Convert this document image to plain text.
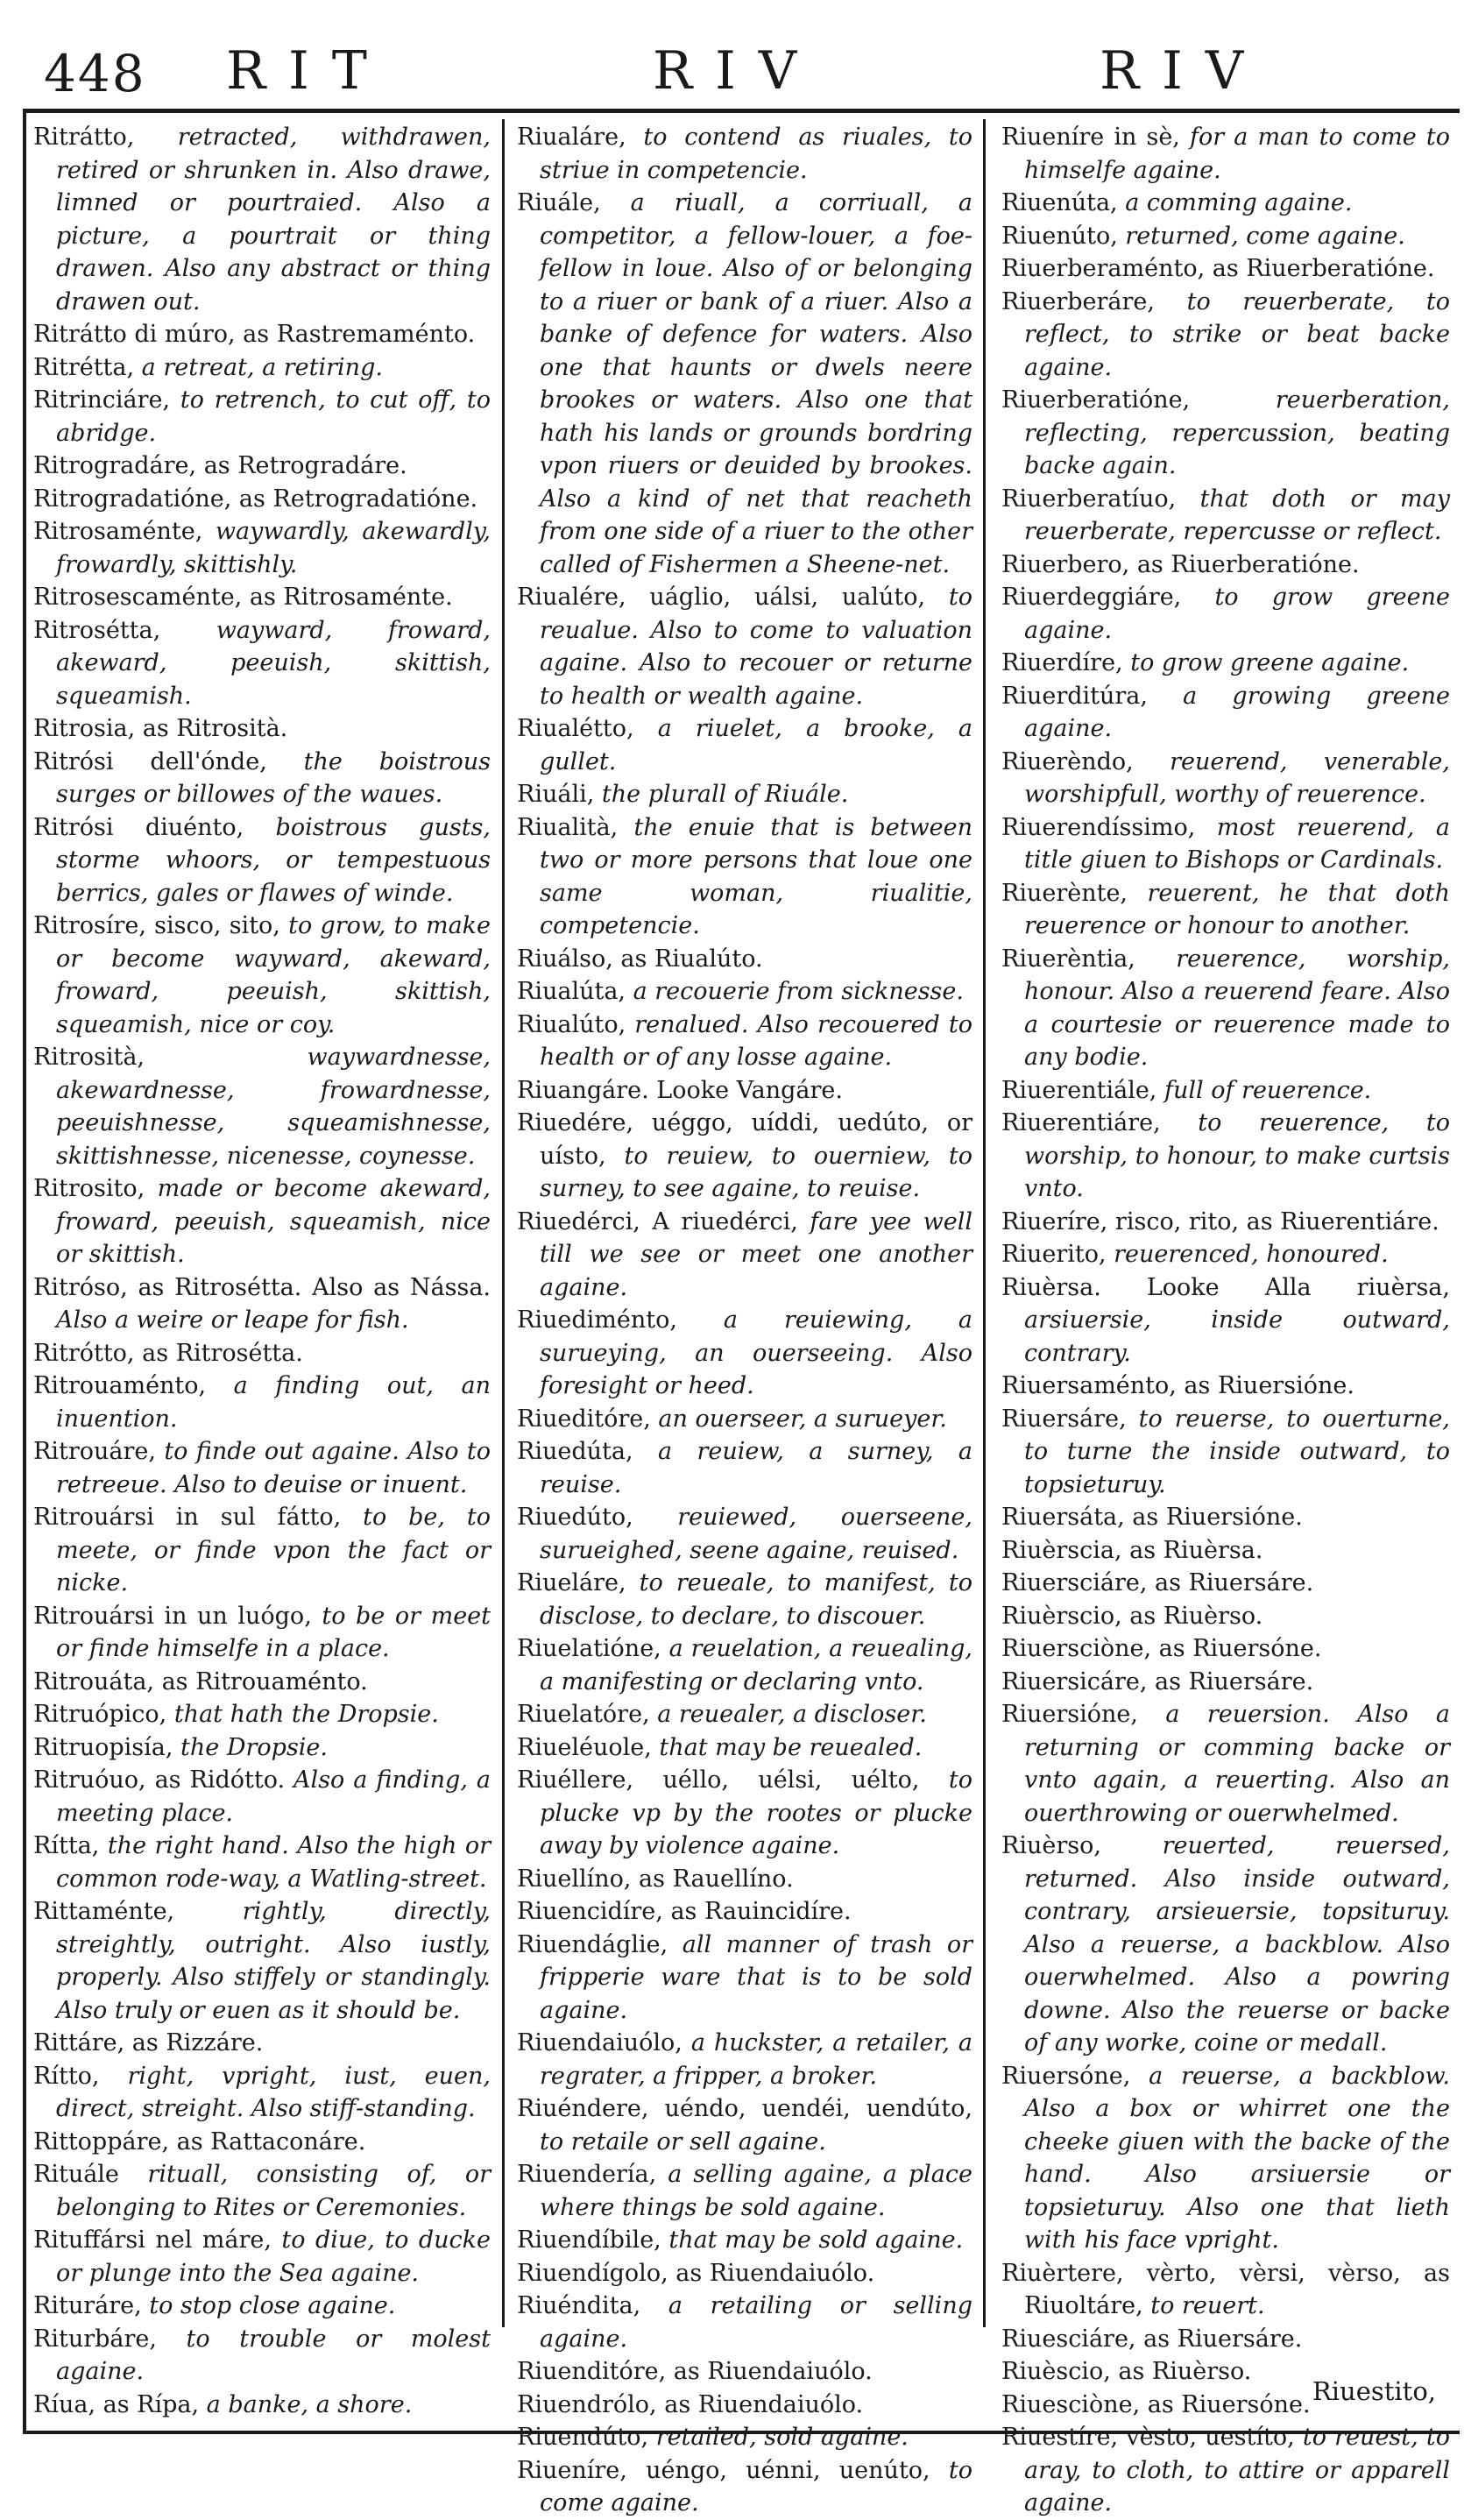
448 RIT	RIV	RIV

Ritrátto, retracted, withdrawen, retired or shrunken in. Also drawe, limned or pourtraied. Also a picture, a pourtrait or thing drawen. Also any abstract or thing drawen out.

Ritrátto di múro, as Rastremaménto.

Ritrétta, a retreat, a retiring.

Ritrinciáre, to retrench, to cut off, to abridge.

Ritrogradáre, as Retrogradáre.

Ritrogradatióne, as Retrogradatióne.

Ritrosaménte, waywardly, akewardly, frowardly, skittishly.

Ritrosescaménte, as Ritrosaménte.

Ritrosétta, wayward, froward, akeward, peeuish, skittish, squeamish.

Ritrosia, as Ritrosità.

Ritrósi dell'ónde, the boistrous surges or billowes of the waues.

Ritrósi diuénto, boistrous gusts, storme whoors, or tempestuous berrics, gales or flawes of winde.

Ritrosíre, sisco, sito, to grow, to make or become wayward, akeward, froward, peeuish, skittish, squeamish, nice or coy.

Ritrosità, waywardnesse, akewardnesse, frowardnesse, peeuishnesse, squeamishnesse, skittishnesse, nicenesse, coynesse.

Ritrosito, made or become akeward, froward, peeuish, squeamish, nice or skittish.

Ritróso, as Ritrosétta. Also as Nássa. Also a weire or leape for fish.

Ritrótto, as Ritrosétta.

Ritrouaménto, a finding out, an inuention.

Ritrouáre, to finde out againe. Also to retreeue. Also to deuise or inuent.

Ritrouársi in sul fátto, to be, to meete, or finde vpon the fact or nicke.

Ritrouársi in un luógo, to be or meet or finde himselfe in a place.

Ritrouáta, as Ritrouaménto.

Ritruópico, that hath the Dropsie.

Ritruopisía, the Dropsie.

Ritruóuo, as Ridótto. Also a finding, a meeting place.

Rítta, the right hand. Also the high or common rode-way, a Watling-street.

Rittaménte, rightly, directly, streightly, outright. Also iustly, properly. Also stiffely or standingly. Also truly or euen as it should be.

Rittáre, as Rizzáre.

Rítto, right, vpright, iust, euen, direct, streight. Also stiff-standing.

Rittoppáre, as Rattaconáre.

Rituále rituall, consisting of, or belonging to Rites or Ceremonies.

Rituffársi nel máre, to diue, to ducke or plunge into the Sea againe.

Rituráre, to stop close againe.

Riturbáre, to trouble or molest againe.

Ríua, as Rípa, a banke, a shore.

Riualáre, to contend as riuales, to striue in competencie.

Riuále, a riuall, a corriuall, a competitor, a fellow-louer, a foe-fellow in loue. Also of or belonging to a riuer or bank of a riuer. Also a banke of defence for waters. Also one that haunts or dwels neere brookes or waters. Also one that hath his lands or grounds bordring vpon riuers or deuided by brookes. Also a kind of net that reacheth from one side of a riuer to the other called of Fishermen a Sheene-net.

Riualére, uáglio, uálsi, ualúto, to reualue. Also to come to valuation againe. Also to recouer or returne to health or wealth againe.

Riualétto, a riuelet, a brooke, a gullet.

Riuáli, the plurall of Riuále.

Riualità, the enuie that is between two or more persons that loue one same woman, riualitie, competencie.

Riuálso, as Riualúto.

Riualúta, a recouerie from sicknesse.

Riualúto, renalued. Also recouered to health or of any losse againe.

Riuangáre. Looke Vangáre.

Riuedére, uéggo, uíddi, uedúto, or uísto, to reuiew, to ouerniew, to surney, to see againe, to reuise.

Riuedérci, A riuedérci, fare yee well till we see or meet one another againe.

Riuediménto, a reuiewing, a surueying, an ouerseeing. Also foresight or heed.

Riueditóre, an ouerseer, a surueyer.

Riuedúta, a reuiew, a surney, a reuise.

Riuedúto, reuiewed, ouerseene, surueighed, seene againe, reuised.

Riueláre, to reueale, to manifest, to disclose, to declare, to discouer.

Riuelatióne, a reuelation, a reuealing, a manifesting or declaring vnto.

Riuelatóre, a reuealer, a discloser.

Riueléuole, that may be reuealed.

Riuéllere, uéllo, uélsi, uélto, to plucke vp by the rootes or plucke away by violence againe.

Riuellíno, as Rauellíno.

Riuencidíre, as Rauincidíre.

Riuendáglie, all manner of trash or fripperie ware that is to be sold againe.

Riuendaiuólo, a huckster, a retailer, a regrater, a fripper, a broker.

Riuéndere, uéndo, uendéi, uendúto, to retaile or sell againe.

Riuendería, a selling againe, a place where things be sold againe.

Riuendíbile, that may be sold againe.

Riuendígolo, as Riuendaiuólo.

Riuéndita, a retailing or selling againe.

Riuenditóre, as Riuendaiuólo.

Riuendrólo, as Riuendaiuólo.

Riuendúto, retailed, sold againe.

Riueníre, uéngo, uénni, uenúto, to come againe.

Riueníre in sè, for a man to come to himselfe againe.

Riuenúta, a comming againe.

Riuenúto, returned, come againe.

Riuerberaménto, as Riuerberatióne.

Riuerberáre, to reuerberate, to reflect, to strike or beat backe againe.

Riuerberatióne, reuerberation, reflecting, repercussion, beating backe again.

Riuerberatíuo, that doth or may reuerberate, repercusse or reflect.

Riuerbero, as Riuerberatióne.

Riuerdeggiáre, to grow greene againe.

Riuerdíre, to grow greene againe.

Riuerditúra, a growing greene againe.

Riuerèndo, reuerend, venerable, worshipfull, worthy of reuerence.

Riuerendíssimo, most reuerend, a title giuen to Bishops or Cardinals.

Riuerènte, reuerent, he that doth reuerence or honour to another.

Riuerèntia, reuerence, worship, honour. Also a reuerend feare. Also a courtesie or reuerence made to any bodie.

Riuerentiále, full of reuerence.

Riuerentiáre, to reuerence, to worship, to honour, to make curtsis vnto.

Riueríre, risco, rito, as Riuerentiáre.

Riuerito, reuerenced, honoured.

Riuèrsa. Looke Alla riuèrsa, arsiuersie, inside outward, contrary.

Riuersaménto, as Riuersióne.

Riuersáre, to reuerse, to ouerturne, to turne the inside outward, to topsieturuy.

Riuersáta, as Riuersióne.

Riuèrscia, as Riuèrsa.

Riuersciáre, as Riuersáre.

Riuèrscio, as Riuèrso.

Riuersciòne, as Riuersóne.

Riuersicáre, as Riuersáre.

Riuersióne, a reuersion. Also a returning or comming backe or vnto again, a reuerting. Also an ouerthrowing or ouerwhelmed.

Riuèrso, reuerted, reuersed, returned. Also inside outward, contrary, arsieuersie, topsituruy. Also a reuerse, a backblow. Also ouerwhelmed. Also a powring downe. Also the reuerse or backe of any worke, coine or medall.

Riuersóne, a reuerse, a backblow. Also a box or whirret one the cheeke giuen with the backe of the hand. Also arsiuersie or topsieturuy. Also one that lieth with his face vpright.

Riuèrtere, vèrto, vèrsi, vèrso, as Riuoltáre, to reuert.

Riuesciáre, as Riuersáre.

Riuèscio, as Riuèrso.

Riuesciòne, as Riuersóne.

Riuestíre, vèsto, uestíto, to reuest, to aray, to cloth, to attire or apparell againe.

Riuestito,
